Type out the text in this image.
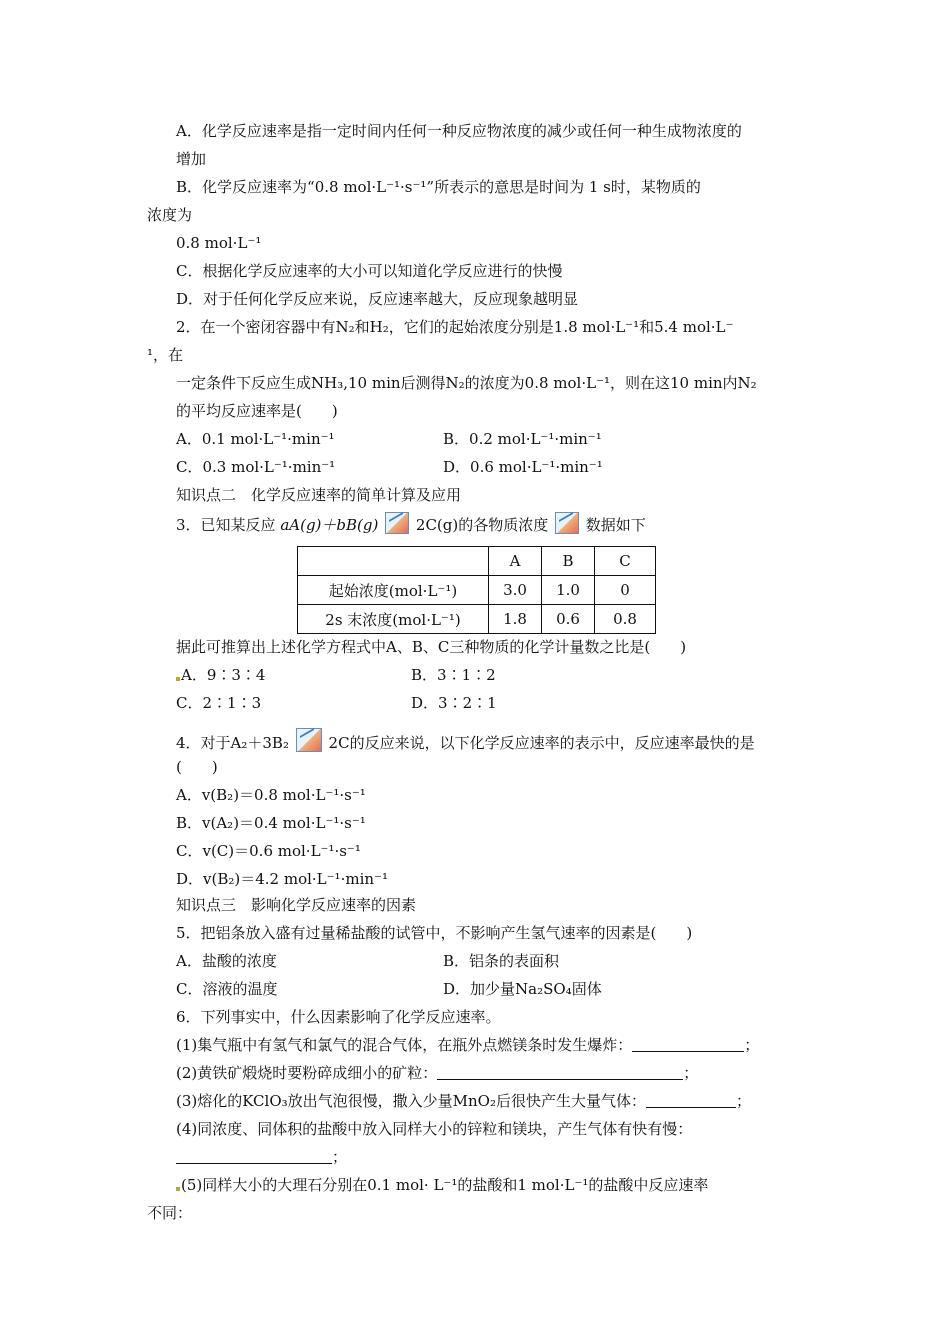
A．化学反应速率是指一定时间内任何一种反应物浓度的减少或任何一种生成物浓度的
增加
B．化学反应速率为“0.8 mol·L⁻¹·s⁻¹”所表示的意思是时间为 1 s时，某物质的
浓度为
0.8 mol·L⁻¹
C．根据化学反应速率的大小可以知道化学反应进行的快慢
D．对于任何化学反应来说，反应速率越大，反应现象越明显
2．在一个密闭容器中有N₂和H₂，它们的起始浓度分别是1.8 mol·L⁻¹和5.4 mol·L⁻
¹，在
一定条件下反应生成NH₃,10 min后测得N₂的浓度为0.8 mol·L⁻¹，则在这10 min内N₂
的平均反应速率是(　　)
A．0.1 mol·L⁻¹·min⁻¹	B．0.2 mol·L⁻¹·min⁻¹
C．0.3 mol·L⁻¹·min⁻¹	D．0.6 mol·L⁻¹·min⁻¹
知识点二　化学反应速率的简单计算及应用
3．已知某反应 aA(g)＋bB(g)	2C(g)的各物质浓度	数据如下
	A	B	C
起始浓度(mol·L⁻¹)	3.0	1.0	0
2s 末浓度(mol·L⁻¹)	1.8	0.6	0.8
据此可推算出上述化学方程式中A、B、C三种物质的化学计量数之比是(　　)
A．9∶3∶4	B．3∶1∶2
C．2∶1∶3	D．3∶2∶1
4．对于A₂＋3B₂	2C的反应来说，以下化学反应速率的表示中，反应速率最快的是
(　　)
A．v(B₂)＝0.8 mol·L⁻¹·s⁻¹
B．v(A₂)＝0.4 mol·L⁻¹·s⁻¹
C．v(C)＝0.6 mol·L⁻¹·s⁻¹
D．v(B₂)＝4.2 mol·L⁻¹·min⁻¹
知识点三　影响化学反应速率的因素
5．把铝条放入盛有过量稀盐酸的试管中，不影响产生氢气速率的因素是(　　)
A．盐酸的浓度	B．铝条的表面积
C．溶液的温度	D．加少量Na₂SO₄固体
6．下列事实中，什么因素影响了化学反应速率。
(1)集气瓶中有氢气和氯气的混合气体，在瓶外点燃镁条时发生爆炸：	；
(2)黄铁矿煅烧时要粉碎成细小的矿粒：	；
(3)熔化的KClO₃放出气泡很慢，撒入少量MnO₂后很快产生大量气体：	；
(4)同浓度、同体积的盐酸中放入同样大小的锌粒和镁块，产生气体有快有慢：
；
(5)同样大小的大理石分别在0.1 mol· L⁻¹的盐酸和1 mol·L⁻¹的盐酸中反应速率
不同：
